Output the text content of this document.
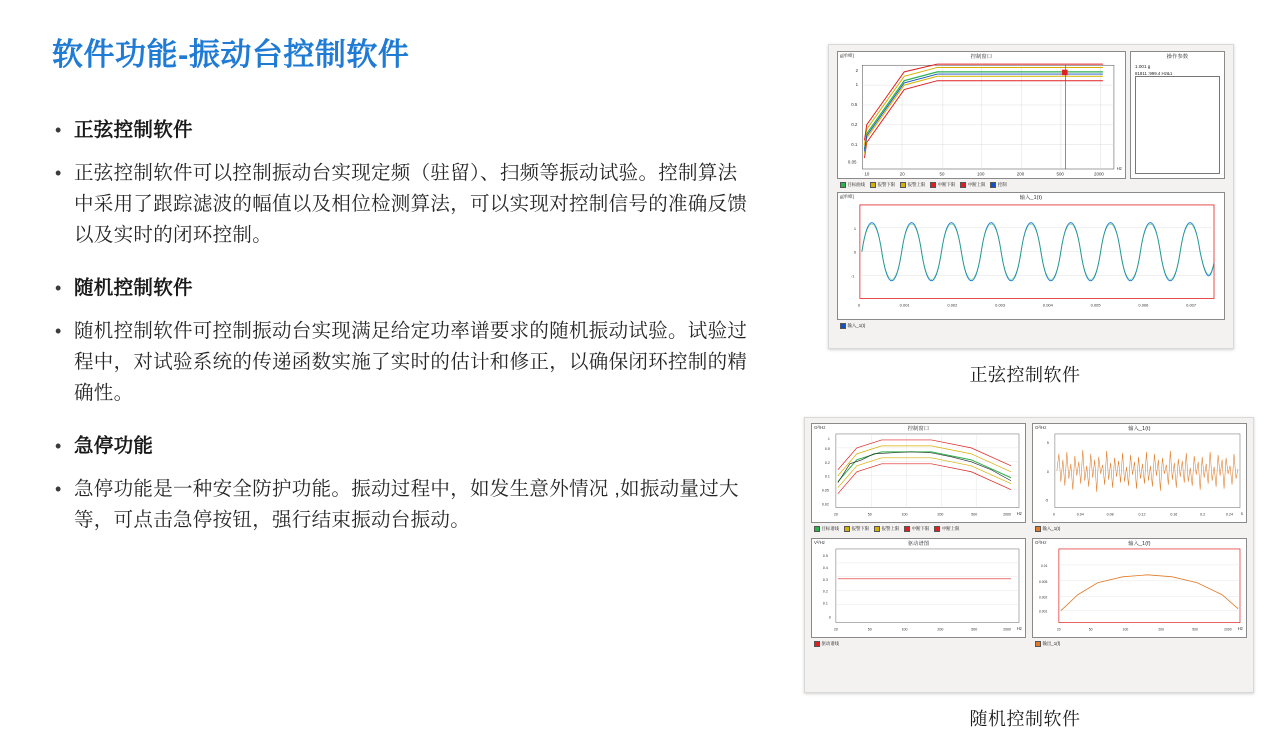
软件功能-振动台控制软件
• 正弦控制软件
• 正弦控制软件可以控制振动台实现定频（驻留）、扫频等振动试验。控制算法中采用了跟踪滤波的幅值以及相位检测算法，可以实现对控制信号的准确反馈以及实时的闭环控制。
• 随机控制软件
• 随机控制软件可控制振动台实现满足给定功率谱要求的随机振动试验。试验过程中，对试验系统的传递函数实施了实时的估计和修正，以确保闭环控制的精确性。
• 急停功能
• 急停功能是一种安全防护功能。振动过程中，如发生意外情况 ,如振动量过大等，可点击急停按钮，强行结束振动台振动。
控制窗口
g[单峰]
Hz
1
0.5
0.2
0.1
0.05
2
10	20	50	100	200	500	2000
操作参数
1.001 g
81811 :999.4 Hz&1
目标曲线	报警下限	报警上限	中断下限	中断上限	控制
输入_1(t)
g[单峰]
1
0
-1
0	0.001	0.002	0.003	0.004	0.005	0.006	0.007
输入_1(t)
正弦控制软件
控制窗口
G²/Hz
Hz
1
0.5
0.2
0.1
0.05
0.02
20	50	100	200	500	2000
目标谱线	报警下限	报警上限	中断下限	中断上限
输入_1(t)
G²/Hz
s
5
0
-5
0	0.04	0.08	0.12	0.16	0.2	0.24
输入_1(t)
驱动谱图
V²/Hz
Hz
0.5
0.4
0.3
0.2
0.1
0
20	50	100	200	500	2000
驱动谱线
输入_1(f)
G²/Hz
Hz
0.01
0.005
0.002
0.001
20	50	100	200	500	2000
输出_1(f)
随机控制软件
